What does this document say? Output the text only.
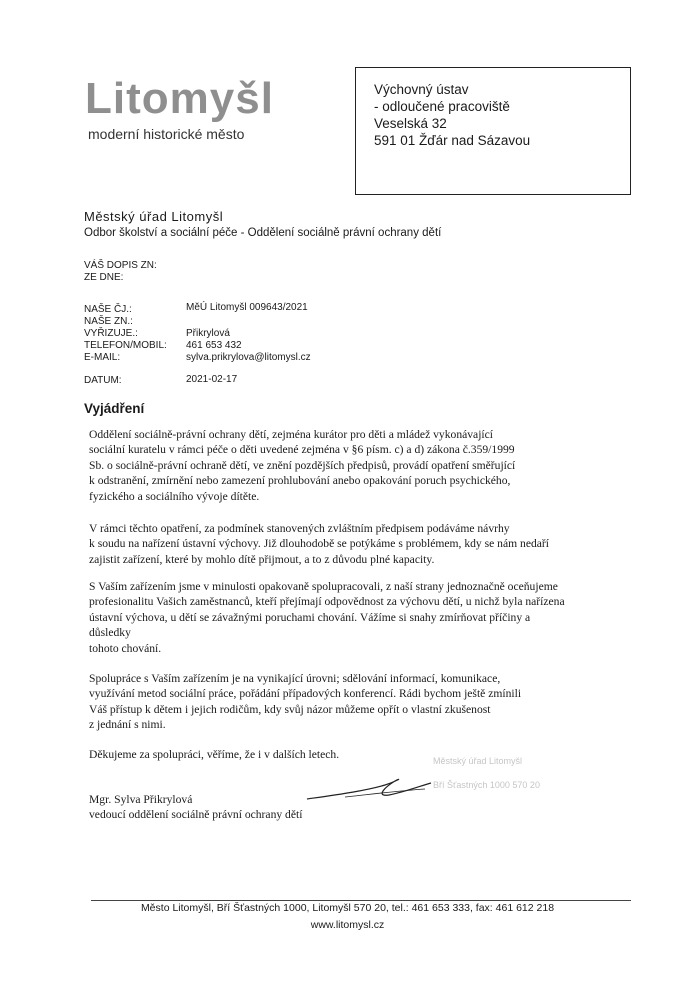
Litomyšl
moderní historické město
Výchovný ústav
- odloučené pracoviště
Veselská 32
591 01 Žďár nad Sázavou
Městský úřad Litomyšl
Odbor školství a sociální péče - Oddělení sociálně právní ochrany dětí
VÁŠ DOPIS ZN:
ZE DNE:
NAŠE ČJ.:	MěÚ Litomyšl 009643/2021
NAŠE ZN.:
VYŘIZUJE.:	Přikrylová
TELEFON/MOBIL: 461 653 432
E-MAIL:	sylva.prikrylova@litomysl.cz
DATUM:	2021-02-17
Vyjádření
Oddělení sociálně-právní ochrany dětí, zejména kurátor pro děti a mládež vykonávající
sociální kuratelu v rámci péče o děti uvedené zejména v §6 písm. c) a d) zákona č.359/1999
Sb. o sociálně-právní ochraně dětí, ve znění pozdějších předpisů, provádí opatření směřující
k odstranění, zmírnění nebo zamezení prohlubování anebo opakování poruch psychického,
fyzického a sociálního vývoje dítěte.
V rámci těchto opatření, za podmínek stanovených zvláštním předpisem podáváme návrhy
k soudu na nařízení ústavní výchovy. Již dlouhodobě se potýkáme s problémem, kdy se nám nedaří
zajistit zařízení, které by mohlo dítě přijmout, a to z důvodu plné kapacity.
S Vaším zařízením jsme v minulosti opakovaně spolupracovali, z naší strany jednoznačně oceňujeme
profesionalitu Vašich zaměstnanců, kteří přejímají odpovědnost za výchovu dětí, u nichž byla nařízena
ústavní výchova, u dětí se závažnými poruchami chování. Vážíme si snahy zmírňovat příčiny a
důsledky
tohoto chování.
Spolupráce s Vaším zařízením je na vynikající úrovni; sdělování informací, komunikace,
využívání metod sociální práce, pořádání případových konferencí. Rádi bychom ještě zmínili
Váš přístup k dětem i jejich rodičům, kdy svůj názor můžeme opřít o vlastní zkušenost
z jednání s nimi.
Děkujeme za spolupráci, věříme, že i v dalších letech.	Městský úřad Litomyšl
Bří Šťastných 1000 570 20
Mgr. Sylva Přikrylová
vedoucí oddělení sociálně právní ochrany dětí
Město Litomyšl, Bří Šťastných 1000, Litomyšl 570 20, tel.: 461 653 333, fax: 461 612 218
www.litomysl.cz
